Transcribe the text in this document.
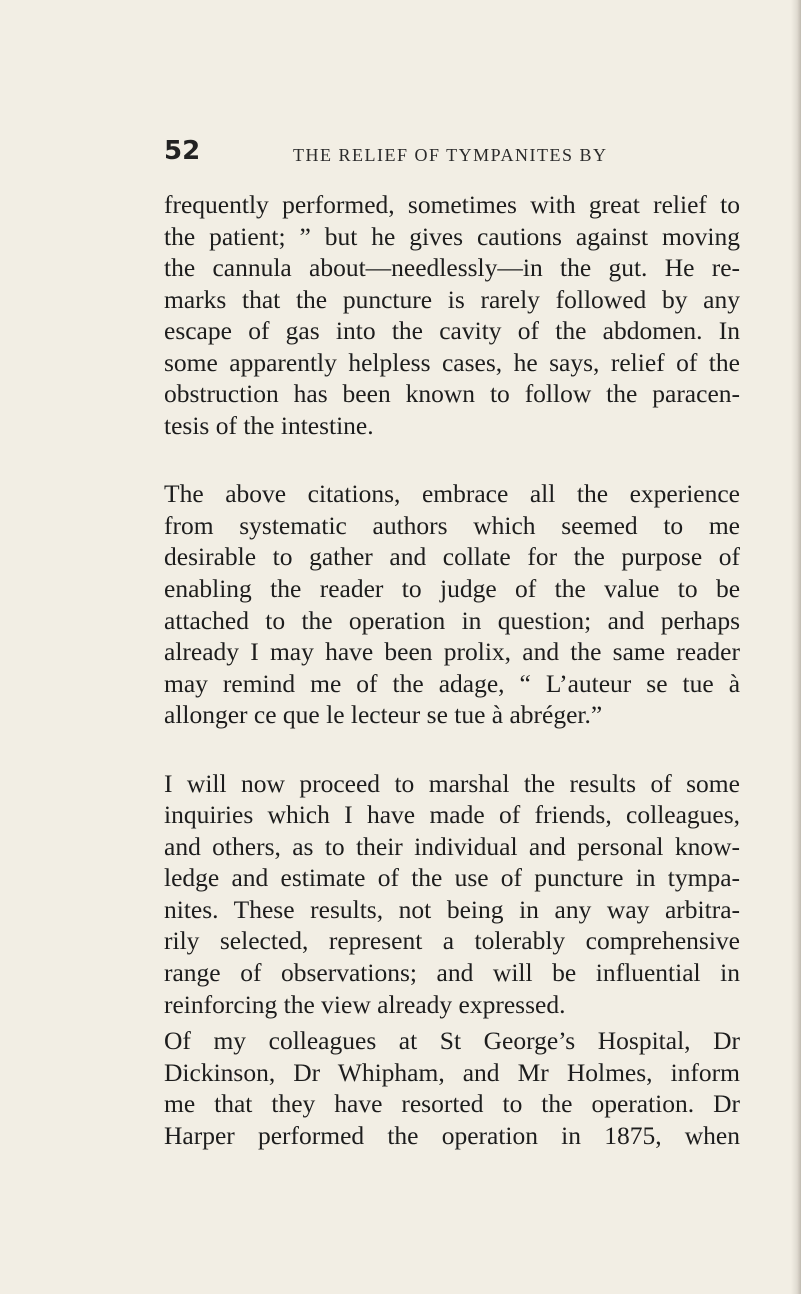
52	THE RELIEF OF TYMPANITES BY
frequently performed, sometimes with great relief to
the patient; ” but he gives cautions against moving
the cannula about—needlessly—in the gut. He re-
marks that the puncture is rarely followed by any
escape of gas into the cavity of the abdomen. In
some apparently helpless cases, he says, relief of the
obstruction has been known to follow the paracen-
tesis of the intestine.
The above citations, embrace all the experience
from systematic authors which seemed to me
desirable to gather and collate for the purpose of
enabling the reader to judge of the value to be
attached to the operation in question; and perhaps
already I may have been prolix, and the same reader
may remind me of the adage, “ L’auteur se tue à
allonger ce que le lecteur se tue à abréger.”
I will now proceed to marshal the results of some
inquiries which I have made of friends, colleagues,
and others, as to their individual and personal know-
ledge and estimate of the use of puncture in tympa-
nites. These results, not being in any way arbitra-
rily selected, represent a tolerably comprehensive
range of observations; and will be influential in
reinforcing the view already expressed.
Of my colleagues at St George’s Hospital, Dr
Dickinson, Dr Whipham, and Mr Holmes, inform
me that they have resorted to the operation. Dr
Harper performed the operation in 1875, when
